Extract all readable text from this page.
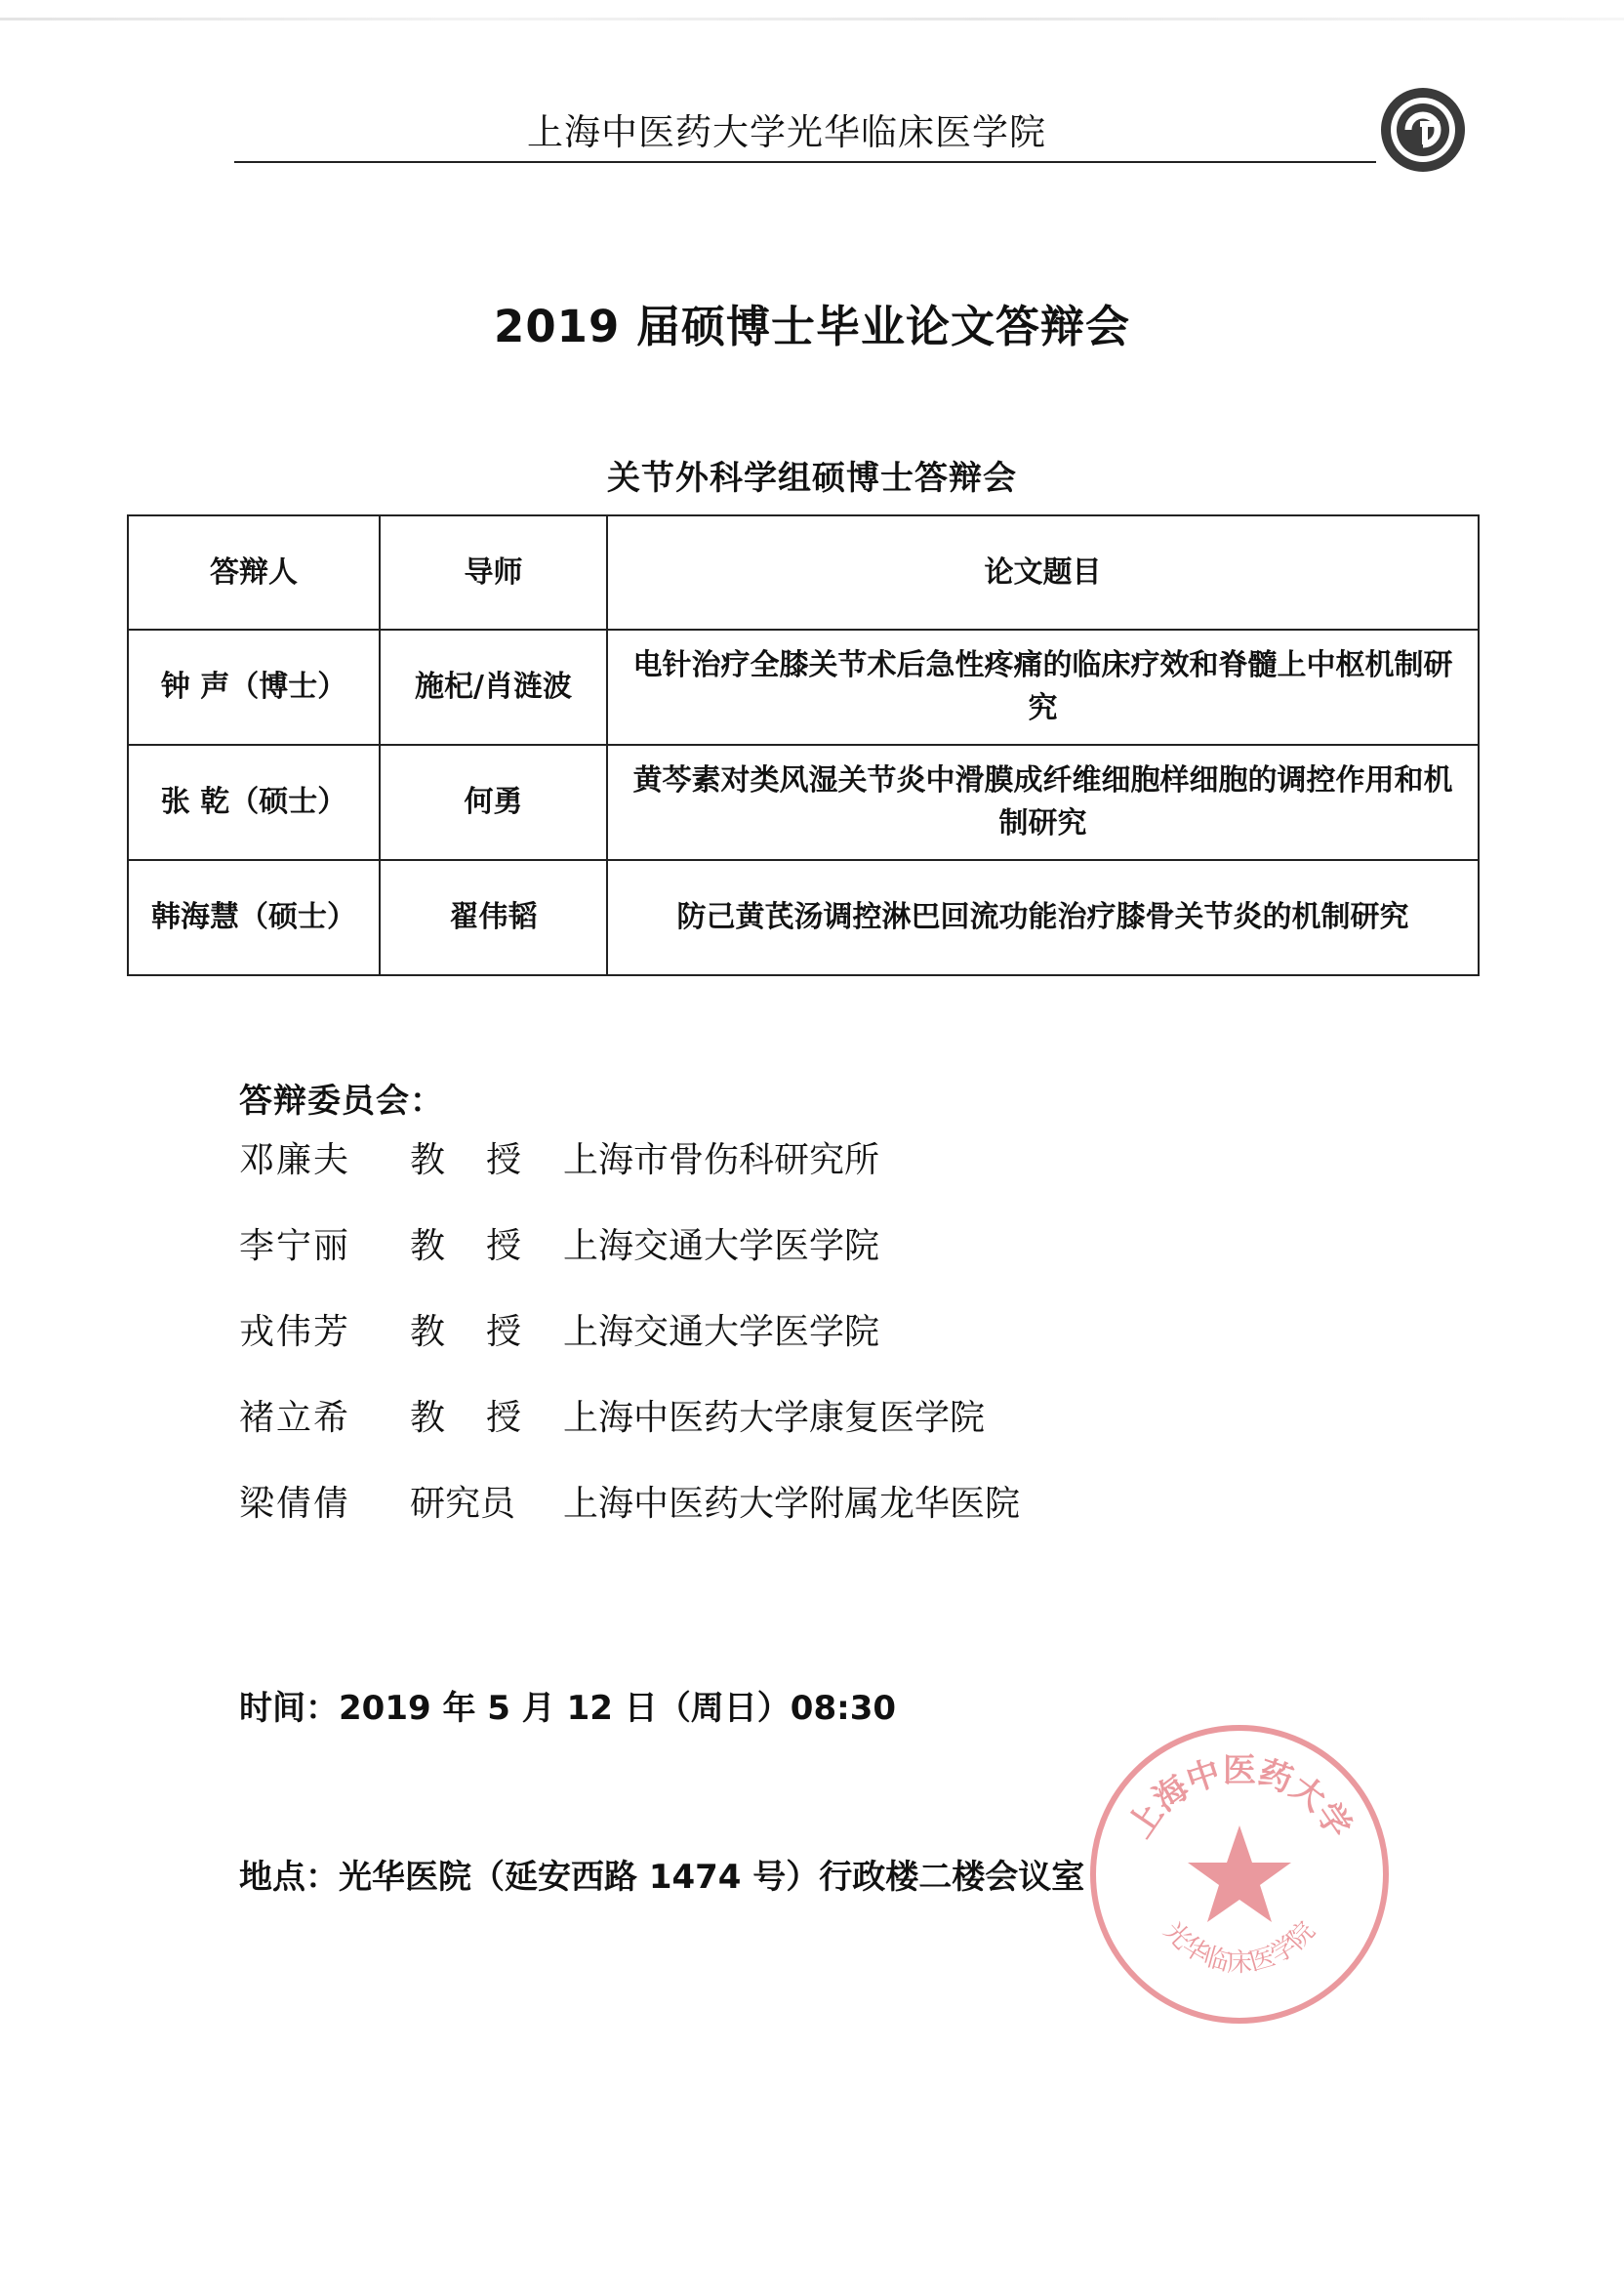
上海中医药大学光华临床医学院
2019 届硕博士毕业论文答辩会
关节外科学组硕博士答辩会
答辩人	导师	论文题目
钟 声（博士）	施杞/肖涟波	电针治疗全膝关节术后急性疼痛的临床疗效和脊髓上中枢机制研究
张 乾（硕士）	何勇	黄芩素对类风湿关节炎中滑膜成纤维细胞样细胞的调控作用和机制研究
韩海慧（硕士）	翟伟韬	防己黄芪汤调控淋巴回流功能治疗膝骨关节炎的机制研究
答辩委员会：
邓廉夫 教授 上海市骨伤科研究所
李宁丽 教授 上海交通大学医学院
戎伟芳 教授 上海交通大学医学院
褚立希 教授 上海中医药大学康复医学院
梁倩倩 研究员 上海中医药大学附属龙华医院
时间：2019 年 5 月 12 日（周日）08:30
地点：光华医院（延安西路 1474 号）行政楼二楼会议室
上海中医药大学
光华临床医学院
